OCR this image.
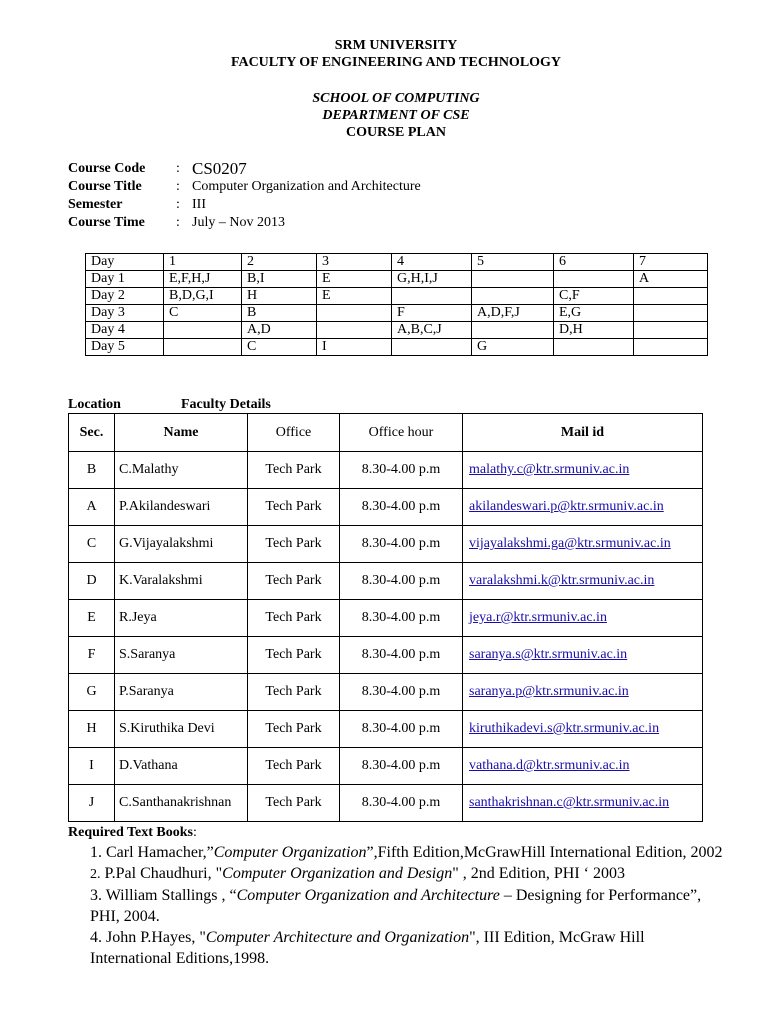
SRM UNIVERSITY
FACULTY OF ENGINEERING AND TECHNOLOGY
SCHOOL OF COMPUTING
DEPARTMENT OF CSE
COURSE PLAN
Course Code	: CS0207
Course Title	: Computer Organization and Architecture
Semester	: III
Course Time	: July – Nov 2013
Day	1	2	3	4	5	6	7
Day 1	E,F,H,J	B,I	E	G,H,I,J			A
Day 2	B,D,G,I	H	E			C,F	
Day 3	C	B		F	A,D,F,J	E,G	
Day 4		A,D		A,B,C,J		D,H	
Day 5		C	I		G		
Location	Faculty Details
Sec.	Name	Office	Office hour	Mail id
B	C.Malathy	Tech Park	8.30-4.00 p.m	malathy.c@ktr.srmuniv.ac.in
A	P.Akilandeswari	Tech Park	8.30-4.00 p.m	akilandeswari.p@ktr.srmuniv.ac.in
C	G.Vijayalakshmi	Tech Park	8.30-4.00 p.m	vijayalakshmi.ga@ktr.srmuniv.ac.in
D	K.Varalakshmi	Tech Park	8.30-4.00 p.m	varalakshmi.k@ktr.srmuniv.ac.in
E	R.Jeya	Tech Park	8.30-4.00 p.m	jeya.r@ktr.srmuniv.ac.in
F	S.Saranya	Tech Park	8.30-4.00 p.m	saranya.s@ktr.srmuniv.ac.in
G	P.Saranya	Tech Park	8.30-4.00 p.m	saranya.p@ktr.srmuniv.ac.in
H	S.Kiruthika Devi	Tech Park	8.30-4.00 p.m	kiruthikadevi.s@ktr.srmuniv.ac.in
I	D.Vathana	Tech Park	8.30-4.00 p.m	vathana.d@ktr.srmuniv.ac.in
J	C.Santhanakrishnan	Tech Park	8.30-4.00 p.m	santhakrishnan.c@ktr.srmuniv.ac.in
Required Text Books:

1. Carl Hamacher,”Computer Organization”,Fifth Edition,McGrawHill International Edition, 2002

2. P.Pal Chaudhuri, "Computer Organization and Design" , 2nd Edition, PHI ‘ 2003

3. William Stallings , “Computer Organization and Architecture – Designing for Performance”, PHI, 2004.

4. John P.Hayes, "Computer Architecture and Organization", III Edition, McGraw Hill International Editions,1998.
